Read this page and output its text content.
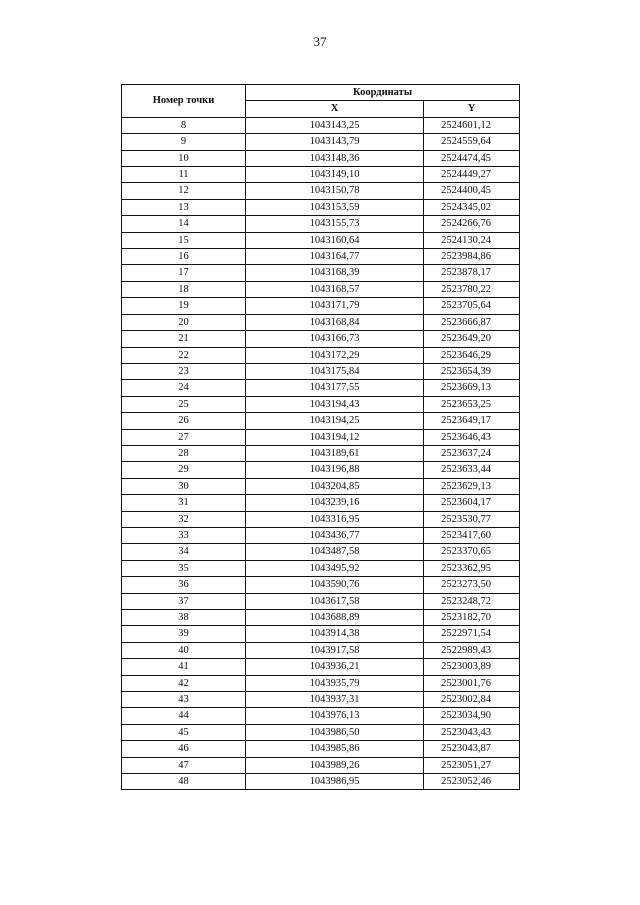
37
Номер точки	Координаты	
	X	Y
8	1043143,25	2524601,12
9	1043143,79	2524559,64
10	1043148,36	2524474,45
11	1043149,10	2524449,27
12	1043150,78	2524400,45
13	1043153,59	2524345,02
14	1043155,73	2524266,76
15	1043160,64	2524130,24
16	1043164,77	2523984,86
17	1043168,39	2523878,17
18	1043168,57	2523780,22
19	1043171,79	2523705,64
20	1043168,84	2523666,87
21	1043166,73	2523649,20
22	1043172,29	2523646,29
23	1043175,84	2523654,39
24	1043177,55	2523669,13
25	1043194,43	2523653,25
26	1043194,25	2523649,17
27	1043194,12	2523646,43
28	1043189,61	2523637,24
29	1043196,88	2523633,44
30	1043204,85	2523629,13
31	1043239,16	2523604,17
32	1043316,95	2523530,77
33	1043436,77	2523417,60
34	1043487,58	2523370,65
35	1043495,92	2523362,95
36	1043590,76	2523273,50
37	1043617,58	2523248,72
38	1043688,89	2523182,70
39	1043914,38	2522971,54
40	1043917,58	2522989,43
41	1043936,21	2523003,89
42	1043935,79	2523001,76
43	1043937,31	2523002,84
44	1043976,13	2523034,90
45	1043986,50	2523043,43
46	1043985,86	2523043,87
47	1043989,26	2523051,27
48	1043986,95	2523052,46
